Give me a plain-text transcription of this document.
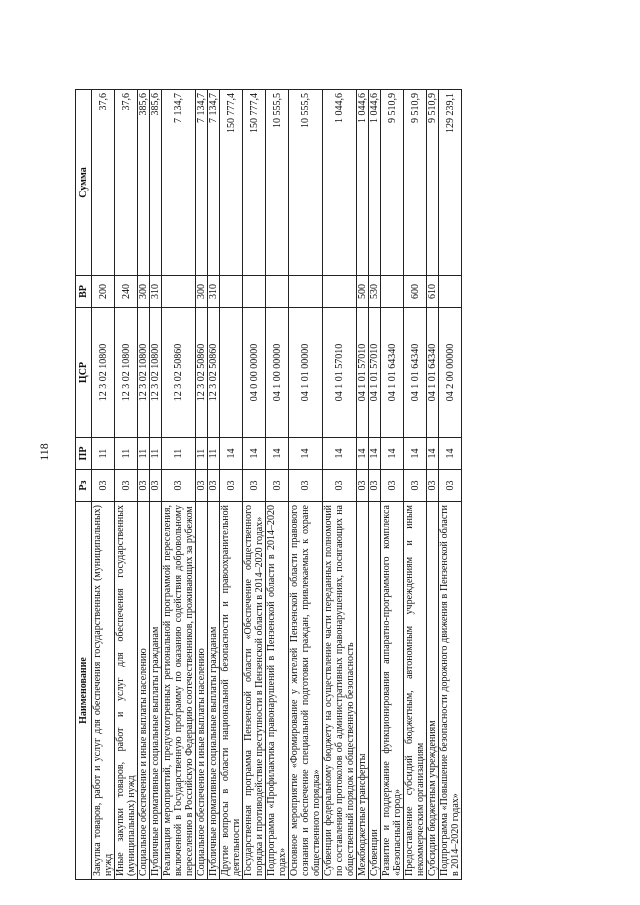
118
Наименование	Рз	ПР	ЦСР	ВР	Сумма
Закупка товаров, работ и услуг для обеспечения государственных (муниципальных) нужд	03	11	12 3 02 10800	200	37,6
Иные закупки товаров, работ и услуг для обеспечения государственных (муниципальных) нужд	03	11	12 3 02 10800	240	37,6
Социальное обеспечение и иные выплаты населению	03	11	12 3 02 10800	300	385,6
Публичные нормативные социальные выплаты гражданам	03	11	12 3 02 10800	310	385,6
Реализация мероприятий, предусмотренных региональной программой переселения, включенной в Государственную программу по оказанию содействия добровольному переселению в Российскую Федерацию соотечественников, проживающих за рубежом	03	11	12 3 02 50860		7 134,7
Социальное обеспечение и иные выплаты населению	03	11	12 3 02 50860	300	7 134,7
Публичные нормативные социальные выплаты гражданам	03	11	12 3 02 50860	310	7 134,7
Другие вопросы в области национальной безопасности и правоохранительной деятельности	03	14			150 777,4
Государственная программа Пензенской области «Обеспечение общественного порядка и противодействие преступности в Пензенской области в 2014–2020 годах»	03	14	04 0 00 00000		150 777,4
Подпрограмма «Профилактика правонарушений в Пензенской области в 2014–2020 годах»	03	14	04 1 00 00000		10 555,5
Основное мероприятие «Формирование у жителей Пензенской области правового сознания и обеспечение специальной подготовки граждан, привлекаемых к охране общественного порядка»	03	14	04 1 01 00000		10 555,5
Субвенции федеральному бюджету на осуществление части переданных полномочий по составлению протоколов об административных правонарушениях, посягающих на общественный порядок и общественную безопасность	03	14	04 1 01 57010		1 044,6
Межбюджетные трансферты	03	14	04 1 01 57010	500	1 044,6
Субвенции	03	14	04 1 01 57010	530	1 044,6
Развитие и поддержание функционирования аппаратно-программного комплекса «Безопасный город»	03	14	04 1 01 64340		9 510,9
Предоставление субсидий бюджетным, автономным учреждениям и иным некоммерческим организациям	03	14	04 1 01 64340	600	9 510,9
Субсидии бюджетным учреждениям	03	14	04 1 01 64340	610	9 510,9
Подпрограмма «Повышение безопасности дорожного движения в Пензенской области в 2014–2020 годах»	03	14	04 2 00 00000		129 239,1
